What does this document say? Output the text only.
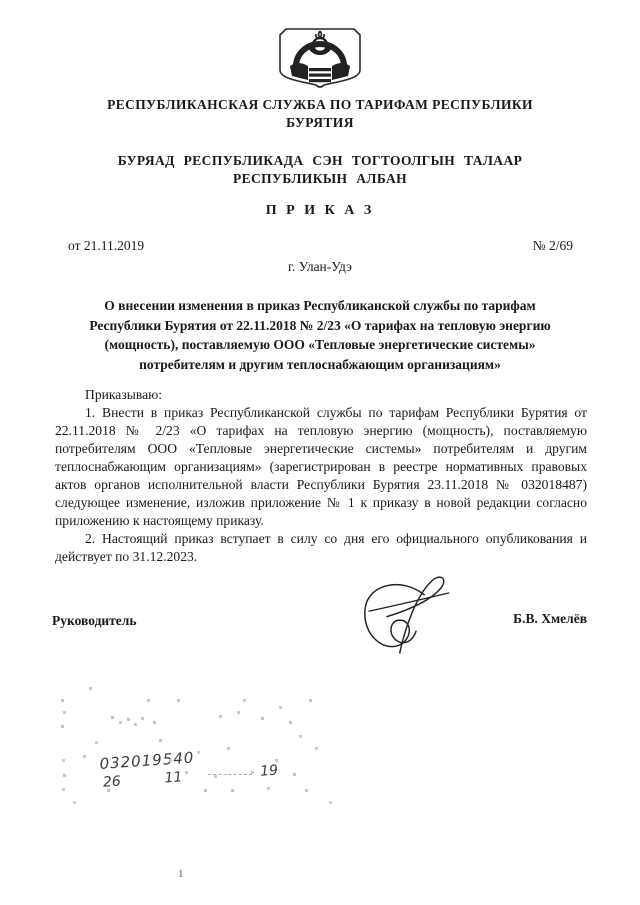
РЕСПУБЛИКАНСКАЯ СЛУЖБА ПО ТАРИФАМ РЕСПУБЛИКИ
БУРЯТИЯ
БУРЯАД РЕСПУБЛИКАДА СЭН ТОГТООЛГЫН ТАЛААР
РЕСПУБЛИКЫН АЛБАН
П Р И К А З
от 21.11.2019	№ 2/69
г. Улан-Удэ
О внесении изменения в приказ Республиканской службы по тарифам
Республики Бурятия от 22.11.2018 № 2/23 «О тарифах на тепловую энергию
(мощность), поставляемую ООО «Тепловые энергетические системы»
потребителям и другим теплоснабжающим организациям»

Приказываю:

1. Внести в приказ Республиканской службы по тарифам Республики Бурятия от 22.11.2018 № 2/23 «О тарифах на тепловую энергию (мощность), поставляемую потребителям ООО «Тепловые энергетические системы» потребителям и другим теплоснабжающим организациям» (зарегистрирован в реестре нормативных правовых актов органов исполнительной власти Республики Бурятия 23.11.2018 № 032018487) следующее изменение, изложив приложение № 1 к приказу в новой редакции согласно приложению к настоящему приказу.

2. Настоящий приказ вступает в силу со дня его официального опубликования и действует по 31.12.2023.

Руководитель	Б.В. Хмелёв
032019540
26	11	19
1
